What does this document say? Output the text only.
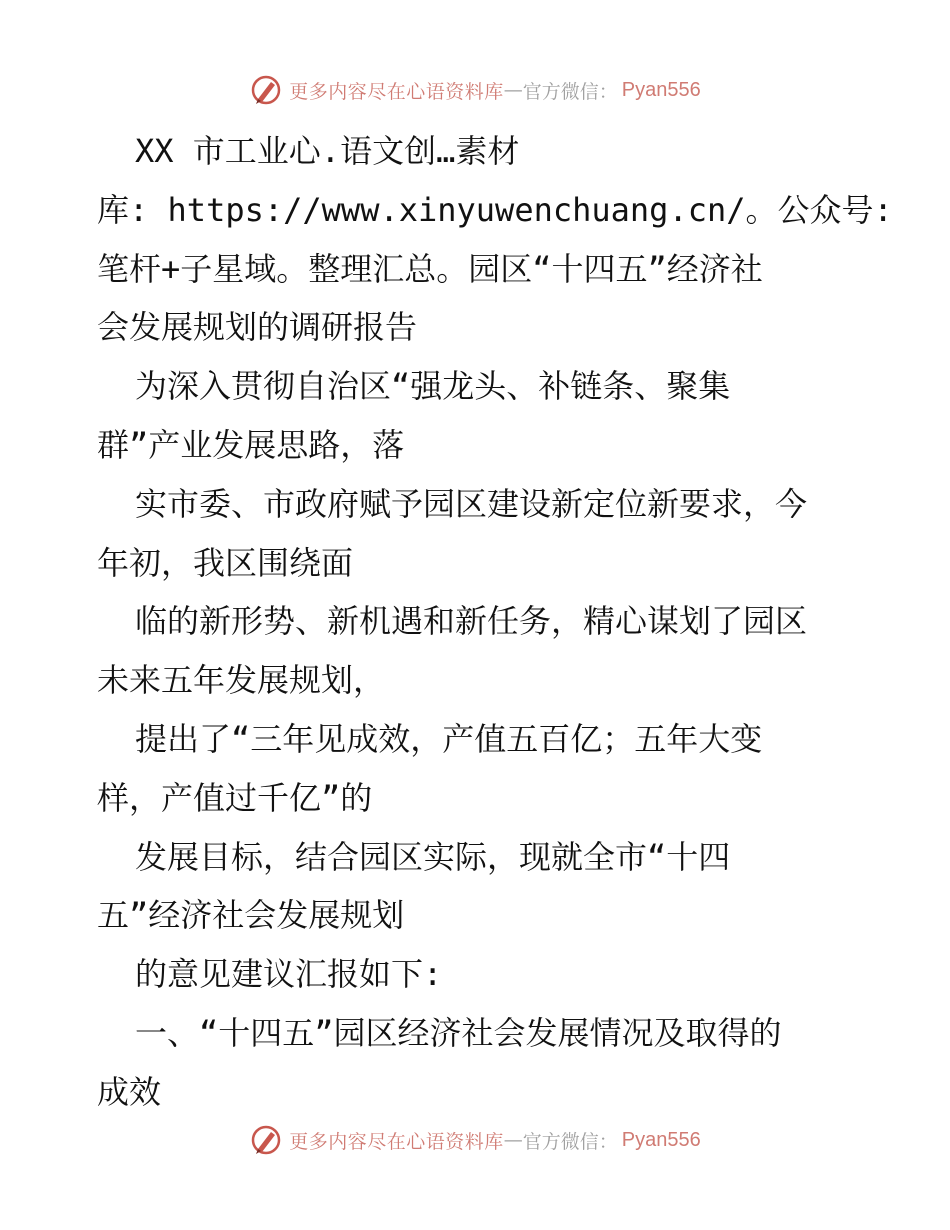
更多内容尽在心语资料库 — 官方微信： Pyan556
XX 市工业心.语文创…素材
库: https://www.xinyuwenchuang.cn/。公众号:
笔杆+子星域。整理汇总。园区“十四五”经济社
会发展规划的调研报告
为深入贯彻自治区“强龙头、补链条、聚集
群”产业发展思路，落
实市委、市政府赋予园区建设新定位新要求，今
年初，我区围绕面
临的新形势、新机遇和新任务，精心谋划了园区
未来五年发展规划，
提出了“三年见成效，产值五百亿；五年大变
样，产值过千亿”的
发展目标，结合园区实际，现就全市“十四
五”经济社会发展规划
的意见建议汇报如下:
一、“十四五”园区经济社会发展情况及取得的
成效
更多内容尽在心语资料库 — 官方微信： Pyan556
